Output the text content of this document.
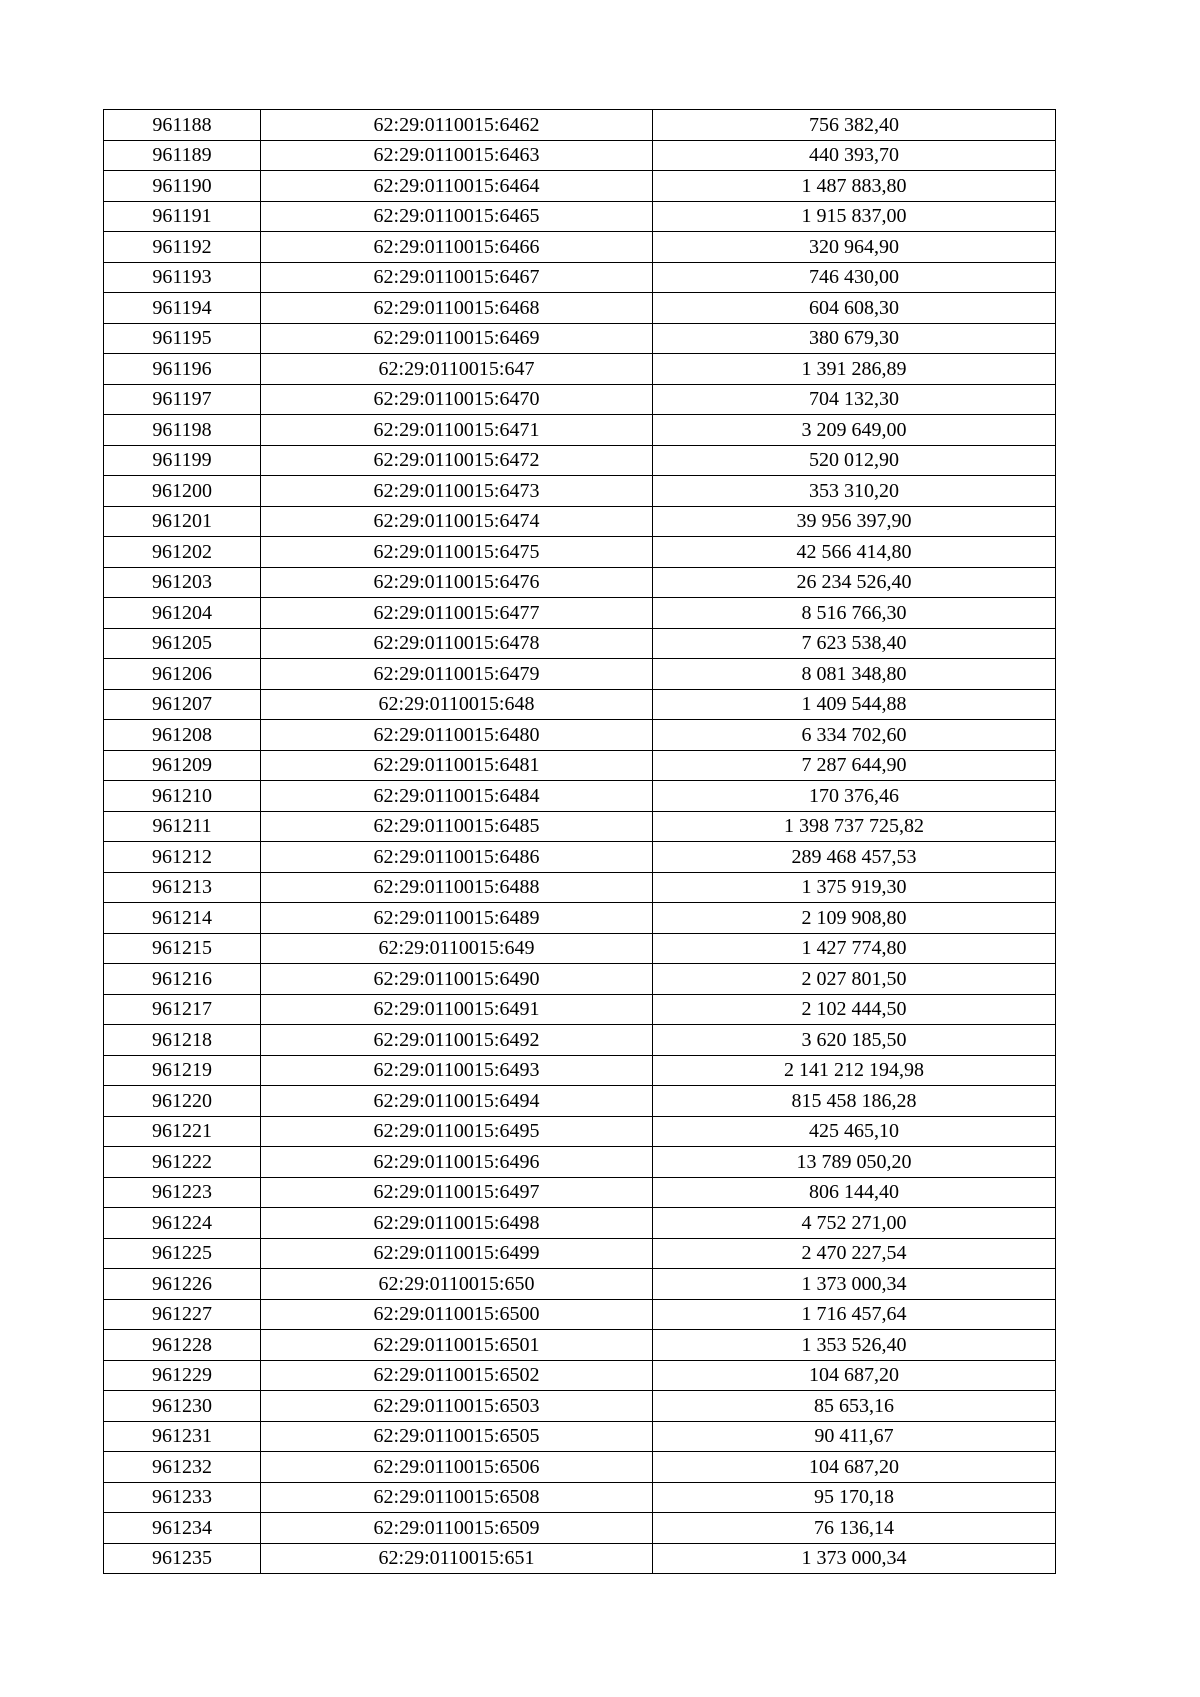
961188	62:29:0110015:6462	756 382,40
961189	62:29:0110015:6463	440 393,70
961190	62:29:0110015:6464	1 487 883,80
961191	62:29:0110015:6465	1 915 837,00
961192	62:29:0110015:6466	320 964,90
961193	62:29:0110015:6467	746 430,00
961194	62:29:0110015:6468	604 608,30
961195	62:29:0110015:6469	380 679,30
961196	62:29:0110015:647	1 391 286,89
961197	62:29:0110015:6470	704 132,30
961198	62:29:0110015:6471	3 209 649,00
961199	62:29:0110015:6472	520 012,90
961200	62:29:0110015:6473	353 310,20
961201	62:29:0110015:6474	39 956 397,90
961202	62:29:0110015:6475	42 566 414,80
961203	62:29:0110015:6476	26 234 526,40
961204	62:29:0110015:6477	8 516 766,30
961205	62:29:0110015:6478	7 623 538,40
961206	62:29:0110015:6479	8 081 348,80
961207	62:29:0110015:648	1 409 544,88
961208	62:29:0110015:6480	6 334 702,60
961209	62:29:0110015:6481	7 287 644,90
961210	62:29:0110015:6484	170 376,46
961211	62:29:0110015:6485	1 398 737 725,82
961212	62:29:0110015:6486	289 468 457,53
961213	62:29:0110015:6488	1 375 919,30
961214	62:29:0110015:6489	2 109 908,80
961215	62:29:0110015:649	1 427 774,80
961216	62:29:0110015:6490	2 027 801,50
961217	62:29:0110015:6491	2 102 444,50
961218	62:29:0110015:6492	3 620 185,50
961219	62:29:0110015:6493	2 141 212 194,98
961220	62:29:0110015:6494	815 458 186,28
961221	62:29:0110015:6495	425 465,10
961222	62:29:0110015:6496	13 789 050,20
961223	62:29:0110015:6497	806 144,40
961224	62:29:0110015:6498	4 752 271,00
961225	62:29:0110015:6499	2 470 227,54
961226	62:29:0110015:650	1 373 000,34
961227	62:29:0110015:6500	1 716 457,64
961228	62:29:0110015:6501	1 353 526,40
961229	62:29:0110015:6502	104 687,20
961230	62:29:0110015:6503	85 653,16
961231	62:29:0110015:6505	90 411,67
961232	62:29:0110015:6506	104 687,20
961233	62:29:0110015:6508	95 170,18
961234	62:29:0110015:6509	76 136,14
961235	62:29:0110015:651	1 373 000,34
